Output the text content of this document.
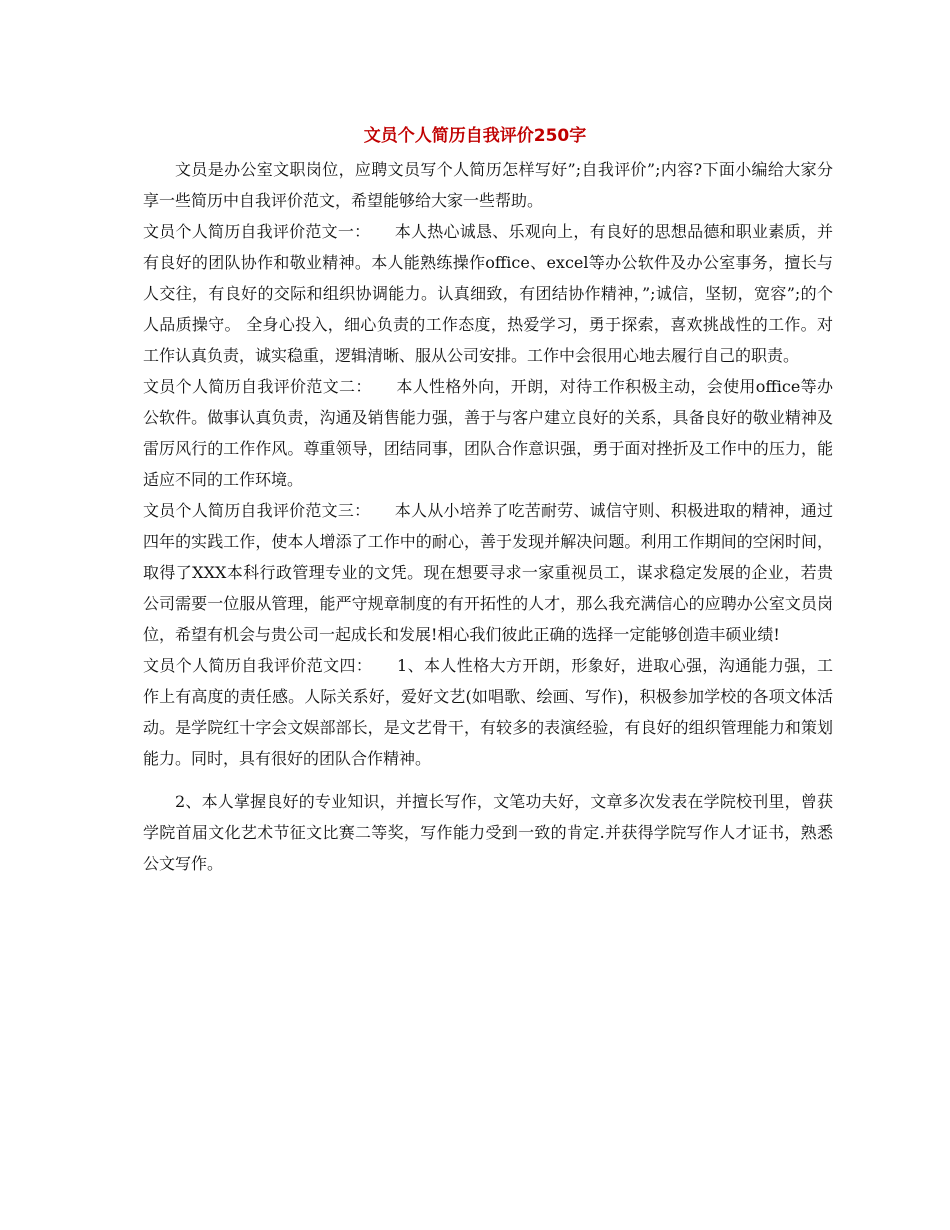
文员个人简历自我评价250字

文员是办公室文职岗位，应聘文员写个人简历怎样写好”;自我评价”;内容?下面小编给大家分享一些简历中自我评价范文，希望能够给大家一些帮助。

文员个人简历自我评价范文一：　　本人热心诚恳、乐观向上，有良好的思想品德和职业素质，并有良好的团队协作和敬业精神。本人能熟练操作office、excel等办公软件及办公室事务，擅长与人交往，有良好的交际和组织协调能力。认真细致，有团结协作精神，”;诚信，坚韧，宽容”;的个人品质操守。 全身心投入，细心负责的工作态度，热爱学习，勇于探索，喜欢挑战性的工作。对工作认真负责，诚实稳重，逻辑清晰、服从公司安排。工作中会很用心地去履行自己的职责。

文员个人简历自我评价范文二：　　本人性格外向，开朗，对待工作积极主动，会使用office等办公软件。做事认真负责，沟通及销售能力强，善于与客户建立良好的关系，具备良好的敬业精神及雷厉风行的工作作风。尊重领导，团结同事，团队合作意识强，勇于面对挫折及工作中的压力，能适应不同的工作环境。

文员个人简历自我评价范文三：　　本人从小培养了吃苦耐劳、诚信守则、积极进取的精神，通过四年的实践工作，使本人增添了工作中的耐心，善于发现并解决问题。利用工作期间的空闲时间，取得了XXX本科行政管理专业的文凭。现在想要寻求一家重视员工，谋求稳定发展的企业，若贵公司需要一位服从管理，能严守规章制度的有开拓性的人才，那么我充满信心的应聘办公室文员岗位，希望有机会与贵公司一起成长和发展!相心我们彼此正确的选择一定能够创造丰硕业绩!

文员个人简历自我评价范文四：　　1、本人性格大方开朗，形象好，进取心强，沟通能力强，工作上有高度的责任感。人际关系好，爱好文艺(如唱歌、绘画、写作)，积极参加学校的各项文体活动。是学院红十字会文娱部部长，是文艺骨干，有较多的表演经验，有良好的组织管理能力和策划能力。同时，具有很好的团队合作精神。

2、本人掌握良好的专业知识，并擅长写作，文笔功夫好，文章多次发表在学院校刊里，曾获学院首届文化艺术节征文比赛二等奖，写作能力受到一致的肯定.并获得学院写作人才证书，熟悉公文写作。
